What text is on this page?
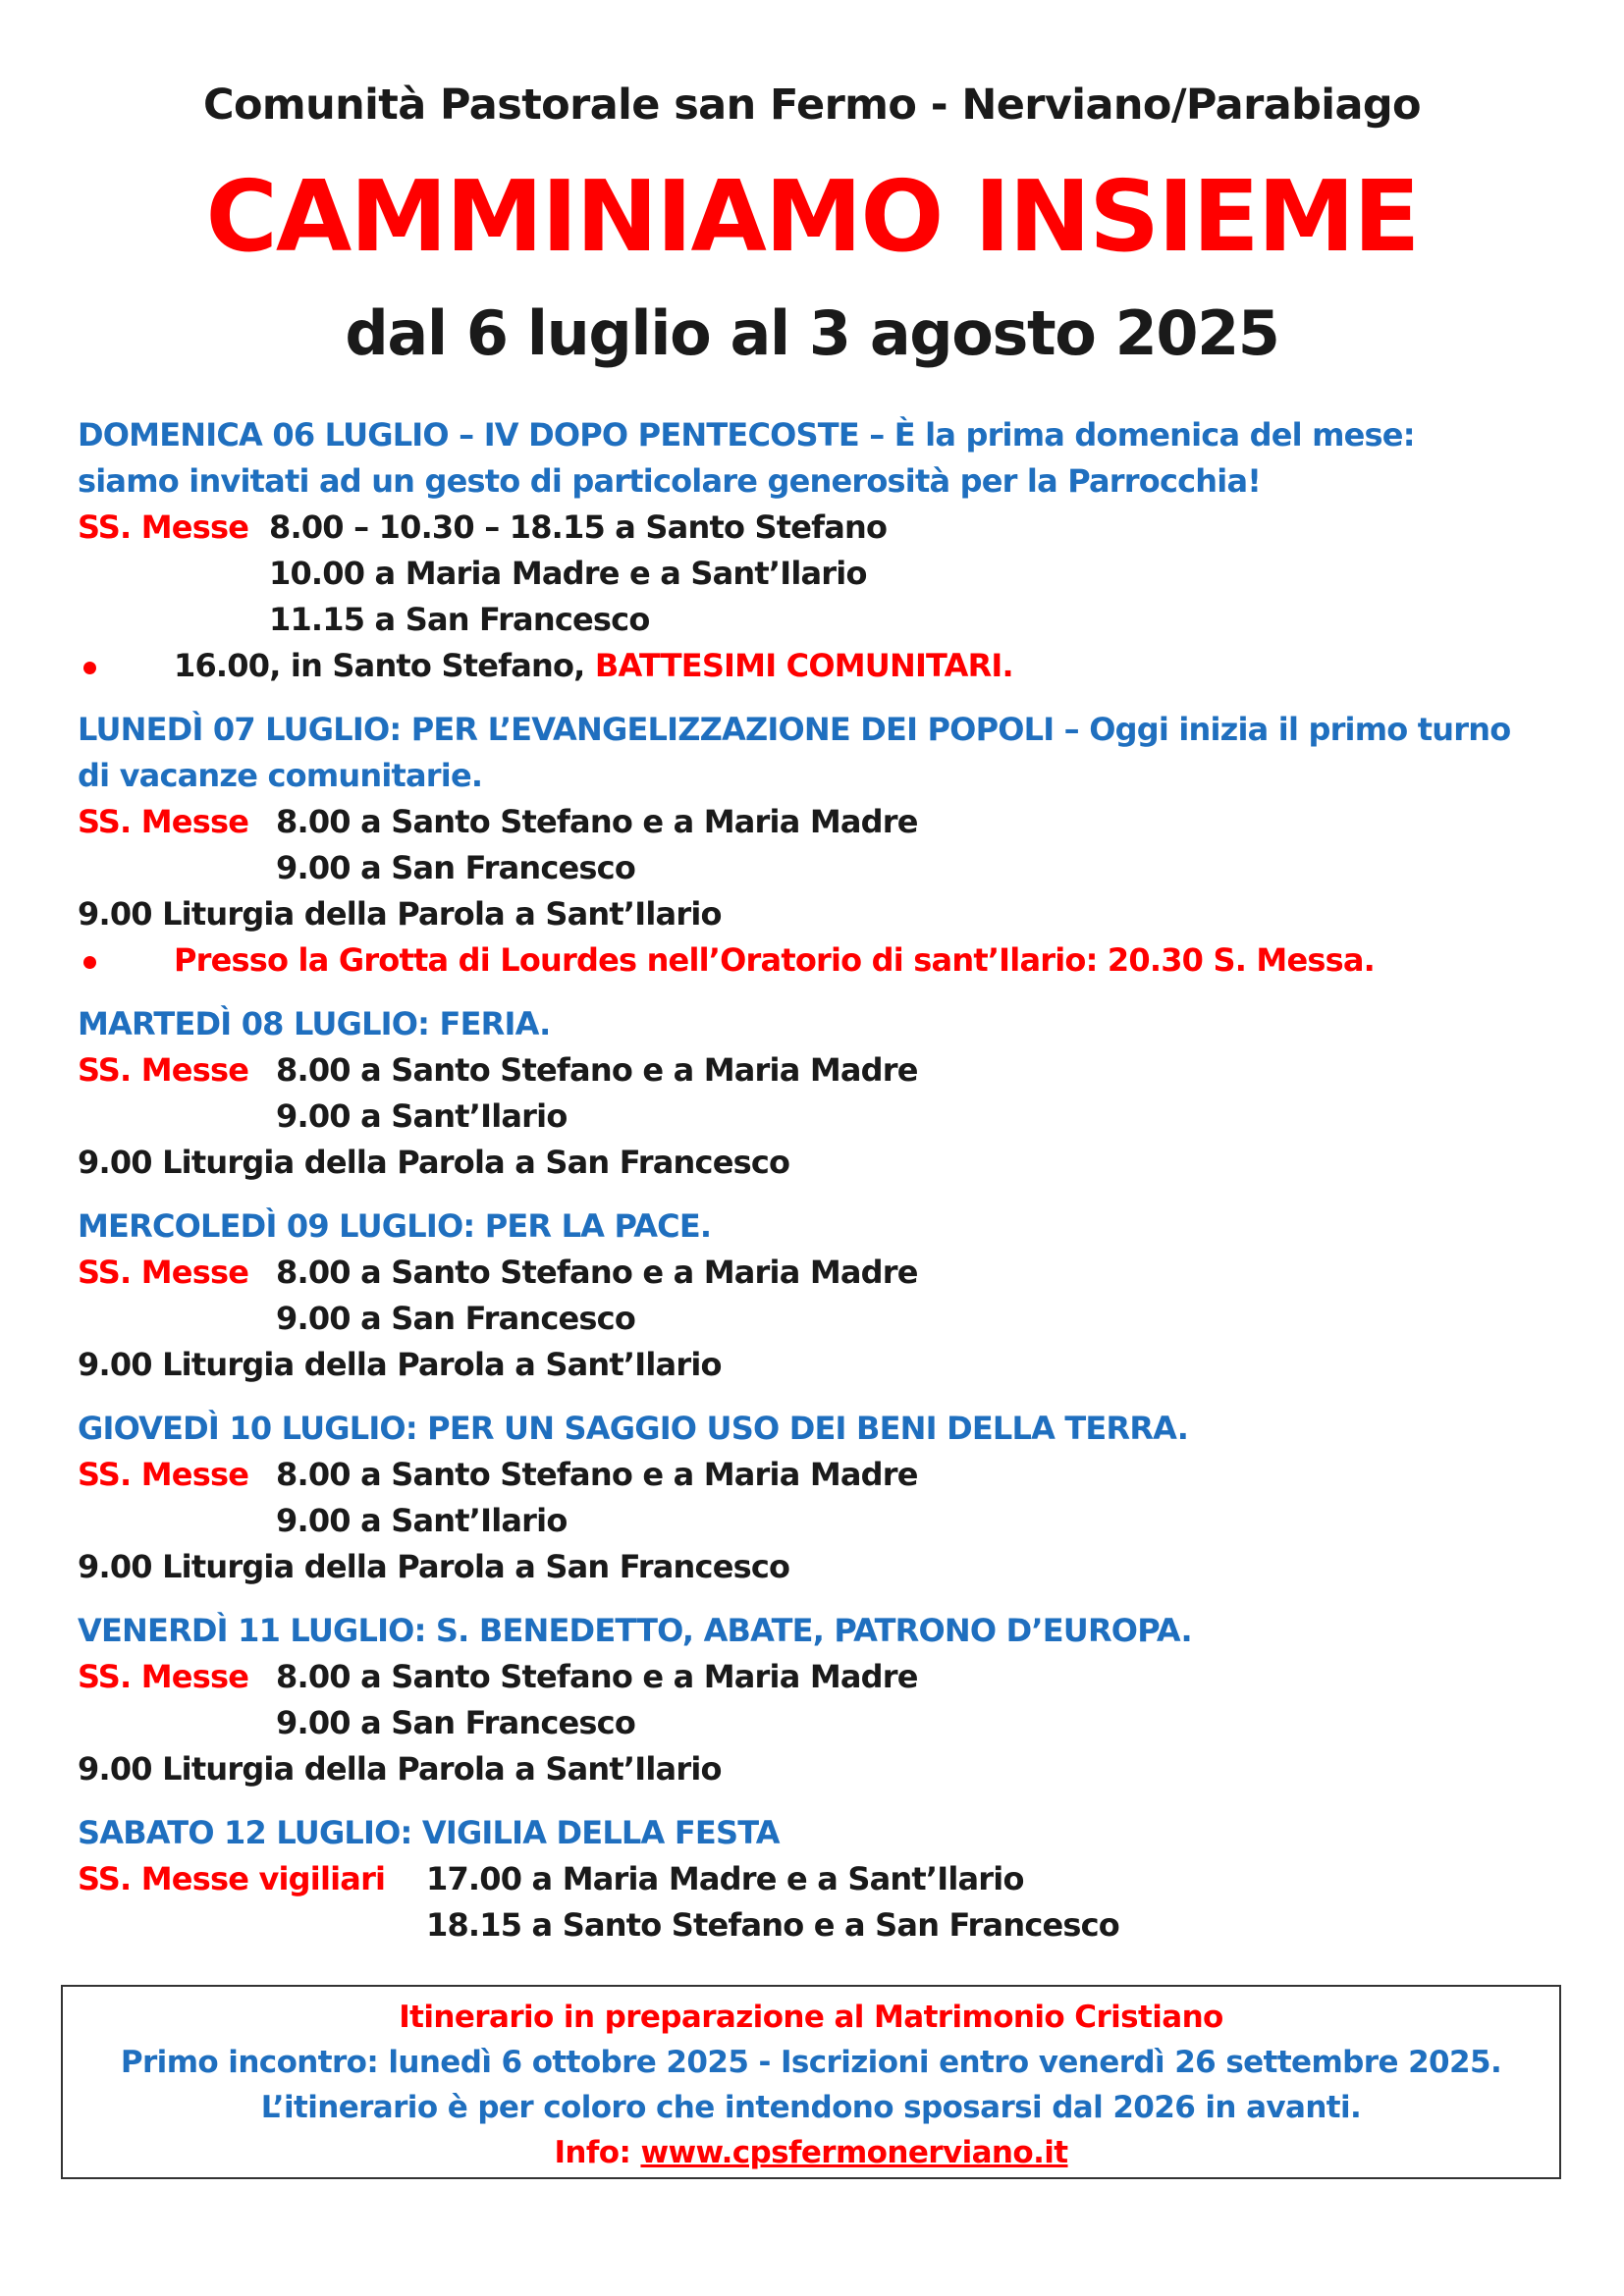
Comunità Pastorale san Fermo - Nerviano/Parabiago
CAMMINIAMO INSIEME
dal 6 luglio al 3 agosto 2025
DOMENICA 06 LUGLIO – IV DOPO PENTECOSTE – È la prima domenica del mese:
siamo invitati ad un gesto di particolare generosità per la Parrocchia!
SS. Messe 8.00 – 10.30 – 18.15 a Santo Stefano
10.00 a Maria Madre e a Sant’Ilario
11.15 a San Francesco
16.00, in Santo Stefano, BATTESIMI COMUNITARI.
LUNEDÌ 07 LUGLIO: PER L’EVANGELIZZAZIONE DEI POPOLI – Oggi inizia il primo turno
di vacanze comunitarie.
SS. Messe 8.00 a Santo Stefano e a Maria Madre
9.00 a San Francesco
9.00 Liturgia della Parola a Sant’Ilario
Presso la Grotta di Lourdes nell’Oratorio di sant’Ilario: 20.30 S. Messa.
MARTEDÌ 08 LUGLIO: FERIA.
SS. Messe 8.00 a Santo Stefano e a Maria Madre
9.00 a Sant’Ilario
9.00 Liturgia della Parola a San Francesco
MERCOLEDÌ 09 LUGLIO: PER LA PACE.
SS. Messe 8.00 a Santo Stefano e a Maria Madre
9.00 a San Francesco
9.00 Liturgia della Parola a Sant’Ilario
GIOVEDÌ 10 LUGLIO: PER UN SAGGIO USO DEI BENI DELLA TERRA.
SS. Messe 8.00 a Santo Stefano e a Maria Madre
9.00 a Sant’Ilario
9.00 Liturgia della Parola a San Francesco
VENERDÌ 11 LUGLIO: S. BENEDETTO, ABATE, PATRONO D’EUROPA.
SS. Messe 8.00 a Santo Stefano e a Maria Madre
9.00 a San Francesco
9.00 Liturgia della Parola a Sant’Ilario
SABATO 12 LUGLIO: VIGILIA DELLA FESTA
SS. Messe vigiliari 17.00 a Maria Madre e a Sant’Ilario
18.15 a Santo Stefano e a San Francesco
Itinerario in preparazione al Matrimonio Cristiano
Primo incontro: lunedì 6 ottobre 2025 - Iscrizioni entro venerdì 26 settembre 2025.
L’itinerario è per coloro che intendono sposarsi dal 2026 in avanti.
Info: www.cpsfermonerviano.it
